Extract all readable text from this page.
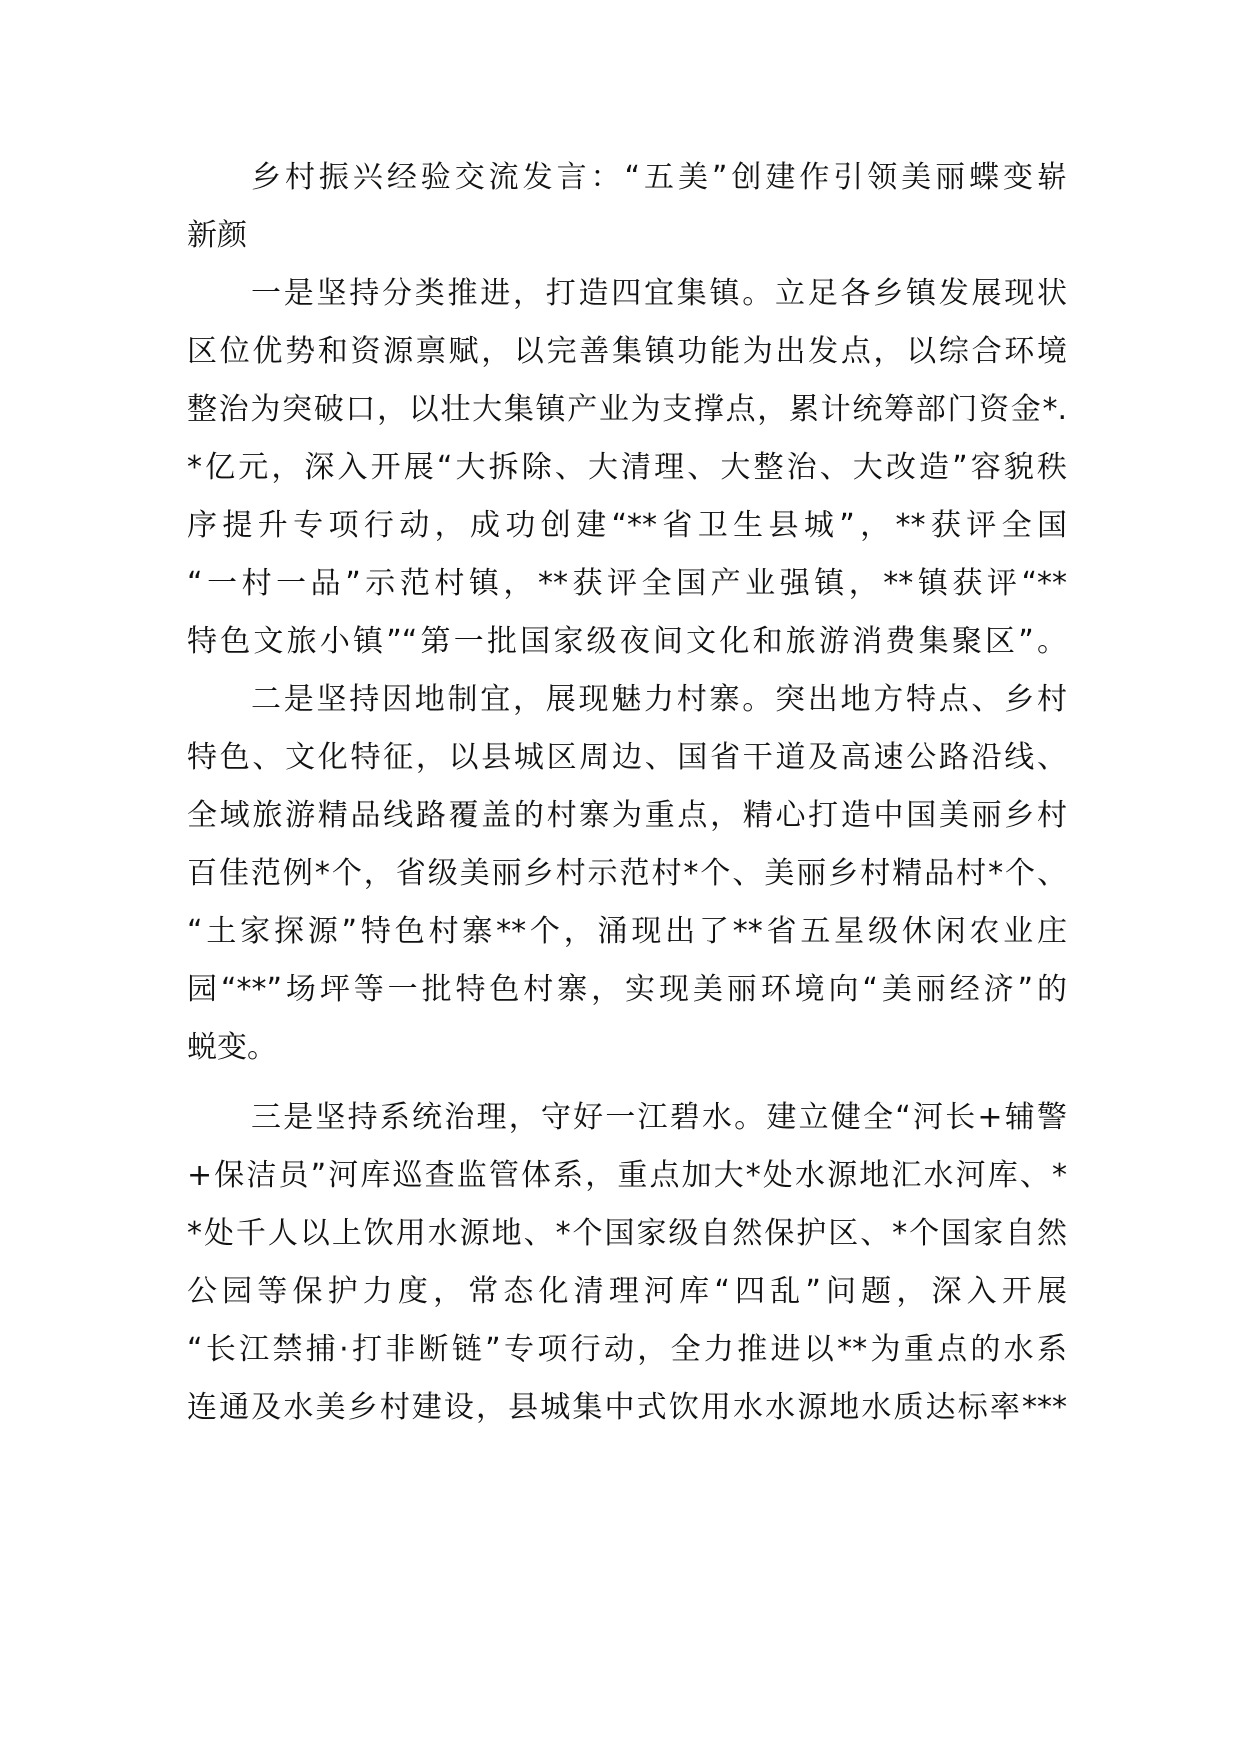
乡村振兴经验交流发言：“五美”创建作引领美丽蝶变崭
新颜
一是坚持分类推进，打造四宜集镇。立足各乡镇发展现状
区位优势和资源禀赋，以完善集镇功能为出发点，以综合环境
整治为突破口，以壮大集镇产业为支撑点，累计统筹部门资金*.
*亿元，深入开展“大拆除、大清理、大整治、大改造”容貌秩
序提升专项行动，成功创建“**省卫生县城”，**获评全国
“一村一品”示范村镇，**获评全国产业强镇，**镇获评“**
特色文旅小镇”“第一批国家级夜间文化和旅游消费集聚区”。
二是坚持因地制宜，展现魅力村寨。突出地方特点、乡村
特色、文化特征，以县城区周边、国省干道及高速公路沿线、
全域旅游精品线路覆盖的村寨为重点，精心打造中国美丽乡村
百佳范例*个，省级美丽乡村示范村*个、美丽乡村精品村*个、
“土家探源”特色村寨**个，涌现出了**省五星级休闲农业庄
园“**”场坪等一批特色村寨，实现美丽环境向“美丽经济”的
蜕变。
三是坚持系统治理，守好一江碧水。建立健全“河长+辅警
+保洁员”河库巡查监管体系，重点加大*处水源地汇水河库、*
*处千人以上饮用水源地、*个国家级自然保护区、*个国家自然
公园等保护力度，常态化清理河库“四乱”问题，深入开展
“长江禁捕·打非断链”专项行动，全力推进以**为重点的水系
连通及水美乡村建设，县城集中式饮用水水源地水质达标率***
